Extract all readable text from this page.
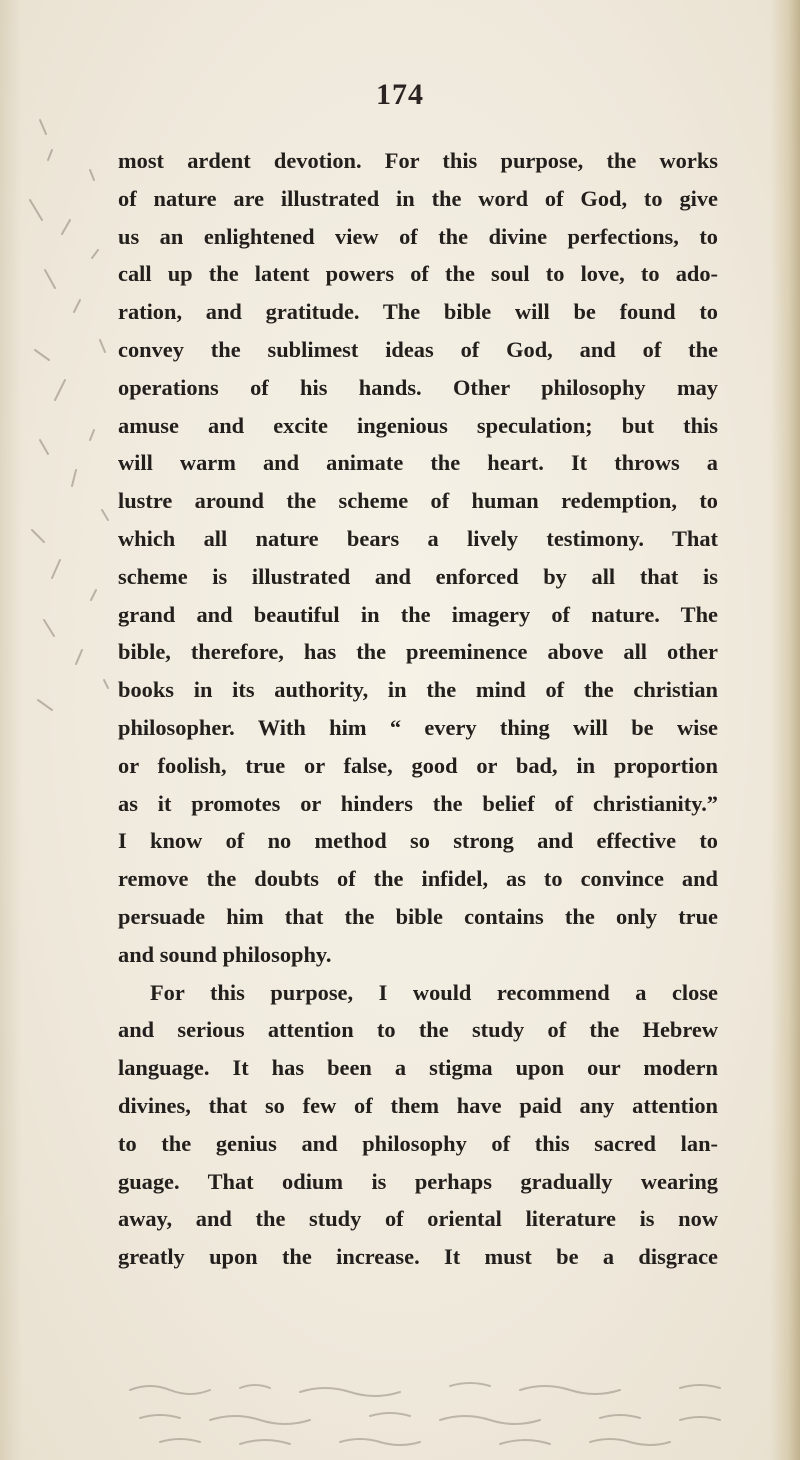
174
most ardent devotion. For this purpose, the works
of nature are illustrated in the word of God, to give
us an enlightened view of the divine perfections, to
call up the latent powers of the soul to love, to ado-
ration, and gratitude. The bible will be found to
convey the sublimest ideas of God, and of the
operations of his hands. Other philosophy may
amuse and excite ingenious speculation; but this
will warm and animate the heart. It throws a
lustre around the scheme of human redemption, to
which all nature bears a lively testimony. That
scheme is illustrated and enforced by all that is
grand and beautiful in the imagery of nature. The
bible, therefore, has the preeminence above all other
books in its authority, in the mind of the christian
philosopher. With him “ every thing will be wise
or foolish, true or false, good or bad, in proportion
as it promotes or hinders the belief of christianity.”
I know of no method so strong and effective to
remove the doubts of the infidel, as to convince and
persuade him that the bible contains the only true
and sound philosophy.
For this purpose, I would recommend a close
and serious attention to the study of the Hebrew
language. It has been a stigma upon our modern
divines, that so few of them have paid any attention
to the genius and philosophy of this sacred lan-
guage. That odium is perhaps gradually wearing
away, and the study of oriental literature is now
greatly upon the increase. It must be a disgrace
